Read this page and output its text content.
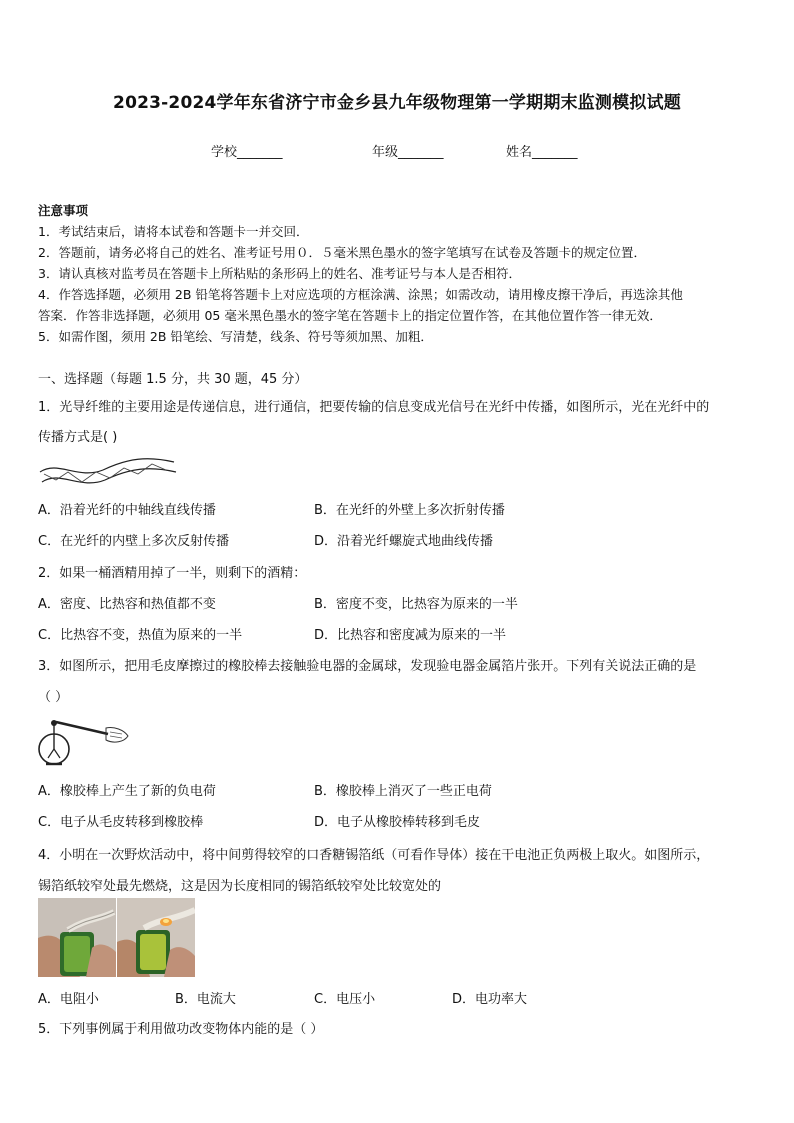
2023-2024学年东省济宁市金乡县九年级物理第一学期期末监测模拟试题
学校_______	年级_______	姓名_______
注意事项
1．考试结束后，请将本试卷和答题卡一并交回．
2．答题前，请务必将自己的姓名、准考证号用０．５毫米黑色墨水的签字笔填写在试卷及答题卡的规定位置．
3．请认真核对监考员在答题卡上所粘贴的条形码上的姓名、准考证号与本人是否相符．
4．作答选择题，必须用 2B 铅笔将答题卡上对应选项的方框涂满、涂黑；如需改动，请用橡皮擦干净后，再选涂其他
答案．作答非选择题，必须用 05 毫米黑色墨水的签字笔在答题卡上的指定位置作答，在其他位置作答一律无效．
5．如需作图，须用 2B 铅笔绘、写清楚，线条、符号等须加黑、加粗．
一、选择题（每题 1.5 分，共 30 题，45 分）
1．光导纤维的主要用途是传递信息，进行通信，把要传输的信息变成光信号在光纤中传播，如图所示，光在光纤中的
传播方式是( )
A．沿着光纤的中轴线直线传播	B．在光纤的外壁上多次折射传播
C．在光纤的内壁上多次反射传播	D．沿着光纤螺旋式地曲线传播
2．如果一桶酒精用掉了一半，则剩下的酒精：
A．密度、比热容和热值都不变	B．密度不变，比热容为原来的一半
C．比热容不变，热值为原来的一半	D．比热容和密度减为原来的一半
3．如图所示，把用毛皮摩擦过的橡胶棒去接触验电器的金属球，发现验电器金属箔片张开。下列有关说法正确的是
（ ）
A．橡胶棒上产生了新的负电荷	B．橡胶棒上消灭了一些正电荷
C．电子从毛皮转移到橡胶棒	D．电子从橡胶棒转移到毛皮
4．小明在一次野炊活动中，将中间剪得较窄的口香糖锡箔纸（可看作导体）接在干电池正负两极上取火。如图所示，
锡箔纸较窄处最先燃烧，这是因为长度相同的锡箔纸较窄处比较宽处的
A．电阻小	B．电流大	C．电压小	D．电功率大
5．下列事例属于利用做功改变物体内能的是（ ）
